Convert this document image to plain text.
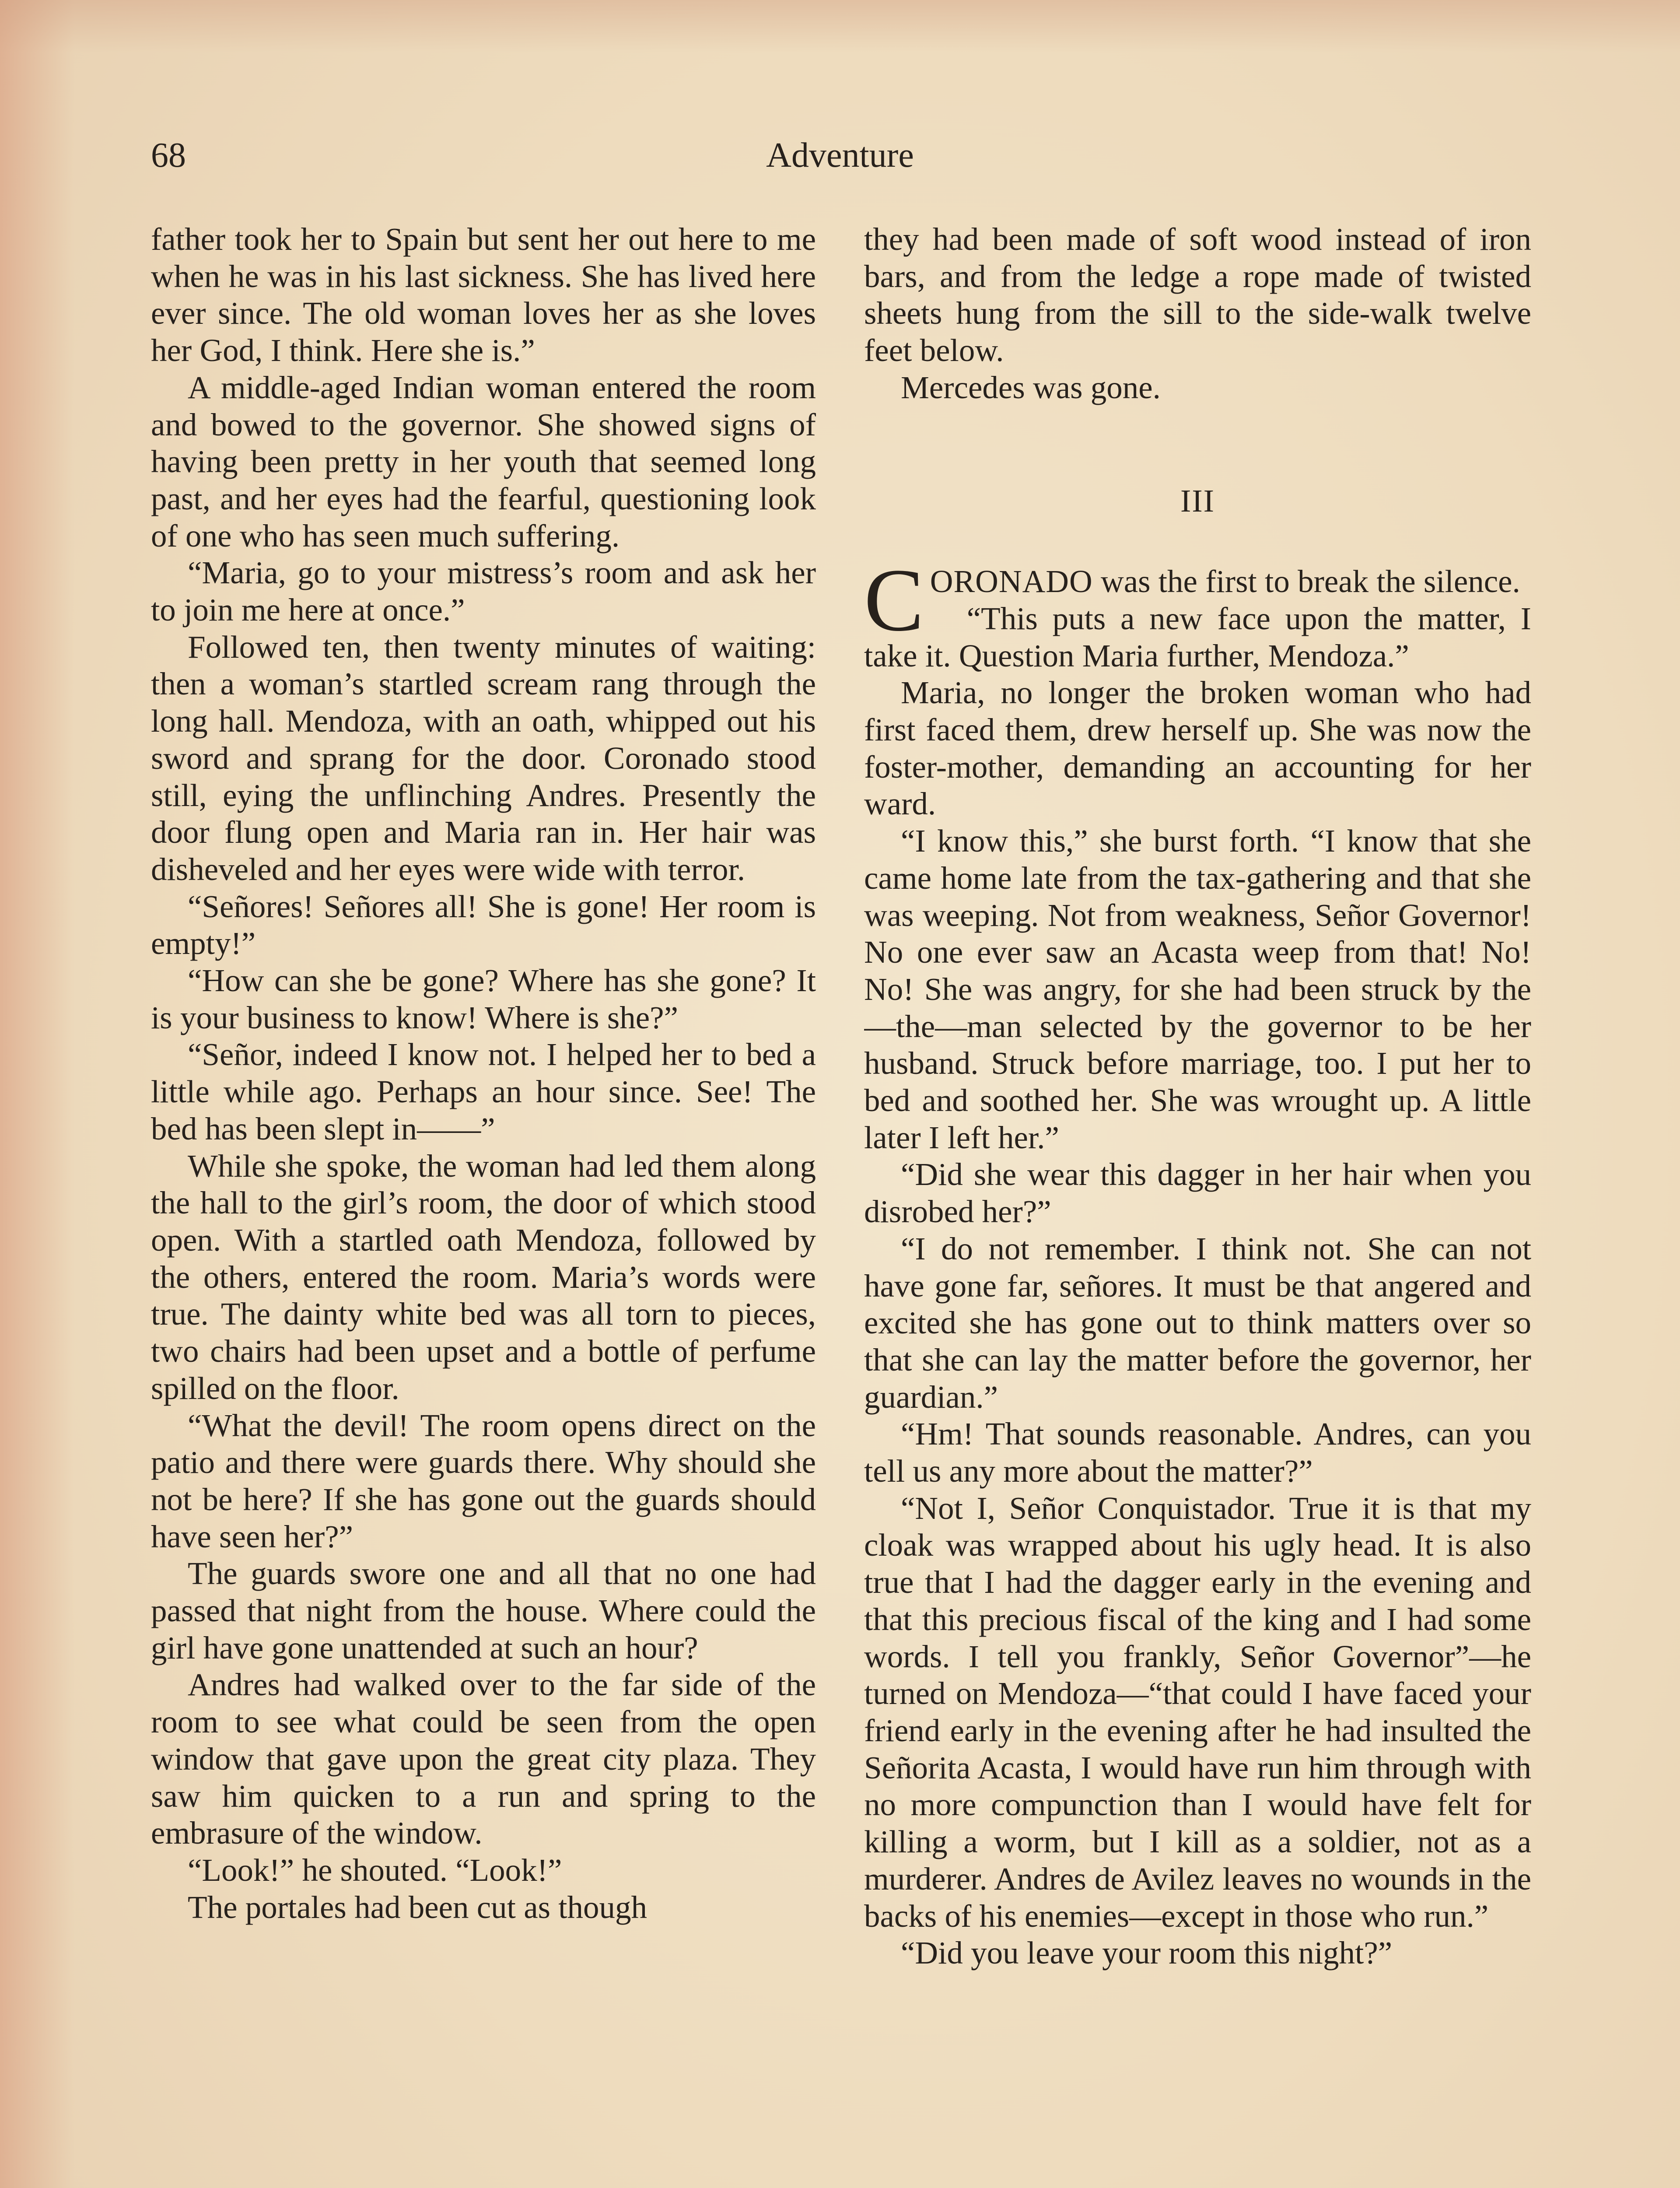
68	Adventure

father took her to Spain but sent her out here to me when he was in his last sickness. She has lived here ever since. The old woman loves her as she loves her God, I think. Here she is.”

A middle-aged Indian woman entered the room and bowed to the governor. She showed signs of having been pretty in her youth that seemed long past, and her eyes had the fearful, questioning look of one who has seen much suffering.

“Maria, go to your mistress’s room and ask her to join me here at once.”

Followed ten, then twenty minutes of waiting: then a woman’s startled scream rang through the long hall. Mendoza, with an oath, whipped out his sword and sprang for the door. Coronado stood still, eying the unflinching Andres. Presently the door flung open and Maria ran in. Her hair was disheveled and her eyes were wide with terror.

“Señores! Señores all! She is gone! Her room is empty!”

“How can she be gone? Where has she gone? It is your business to know! Where is she?”

“Señor, indeed I know not. I helped her to bed a little while ago. Perhaps an hour since. See! The bed has been slept in——”

While she spoke, the woman had led them along the hall to the girl’s room, the door of which stood open. With a startled oath Mendoza, followed by the others, entered the room. Maria’s words were true. The dainty white bed was all torn to pieces, two chairs had been upset and a bottle of perfume spilled on the floor.

“What the devil! The room opens direct on the patio and there were guards there. Why should she not be here? If she has gone out the guards should have seen her?”

The guards swore one and all that no one had passed that night from the house. Where could the girl have gone unattended at such an hour?

Andres had walked over to the far side of the room to see what could be seen from the open window that gave upon the great city plaza. They saw him quicken to a run and spring to the embrasure of the window.

“Look!” he shouted. “Look!”

The portales had been cut as though

they had been made of soft wood instead of iron bars, and from the ledge a rope made of twisted sheets hung from the sill to the side-walk twelve feet below.

Mercedes was gone.

III

CORONADO was the first to break the silence.

“This puts a new face upon the matter, I take it. Question Maria further, Mendoza.”

Maria, no longer the broken woman who had first faced them, drew herself up. She was now the foster-mother, demanding an accounting for her ward.

“I know this,” she burst forth. “I know that she came home late from the tax-gathering and that she was weeping. Not from weakness, Señor Governor! No one ever saw an Acasta weep from that! No! No! She was angry, for she had been struck by the—the—man selected by the governor to be her husband. Struck before marriage, too. I put her to bed and soothed her. She was wrought up. A little later I left her.”

“Did she wear this dagger in her hair when you disrobed her?”

“I do not remember. I think not. She can not have gone far, señores. It must be that angered and excited she has gone out to think matters over so that she can lay the matter before the governor, her guardian.”

“Hm! That sounds reasonable. Andres, can you tell us any more about the matter?”

“Not I, Señor Conquistador. True it is that my cloak was wrapped about his ugly head. It is also true that I had the dagger early in the evening and that this precious fiscal of the king and I had some words. I tell you frankly, Señor Governor”—he turned on Mendoza—“that could I have faced your friend early in the evening after he had insulted the Señorita Acasta, I would have run him through with no more compunction than I would have felt for killing a worm, but I kill as a soldier, not as a murderer. Andres de Avilez leaves no wounds in the backs of his enemies—except in those who run.”

“Did you leave your room this night?”
